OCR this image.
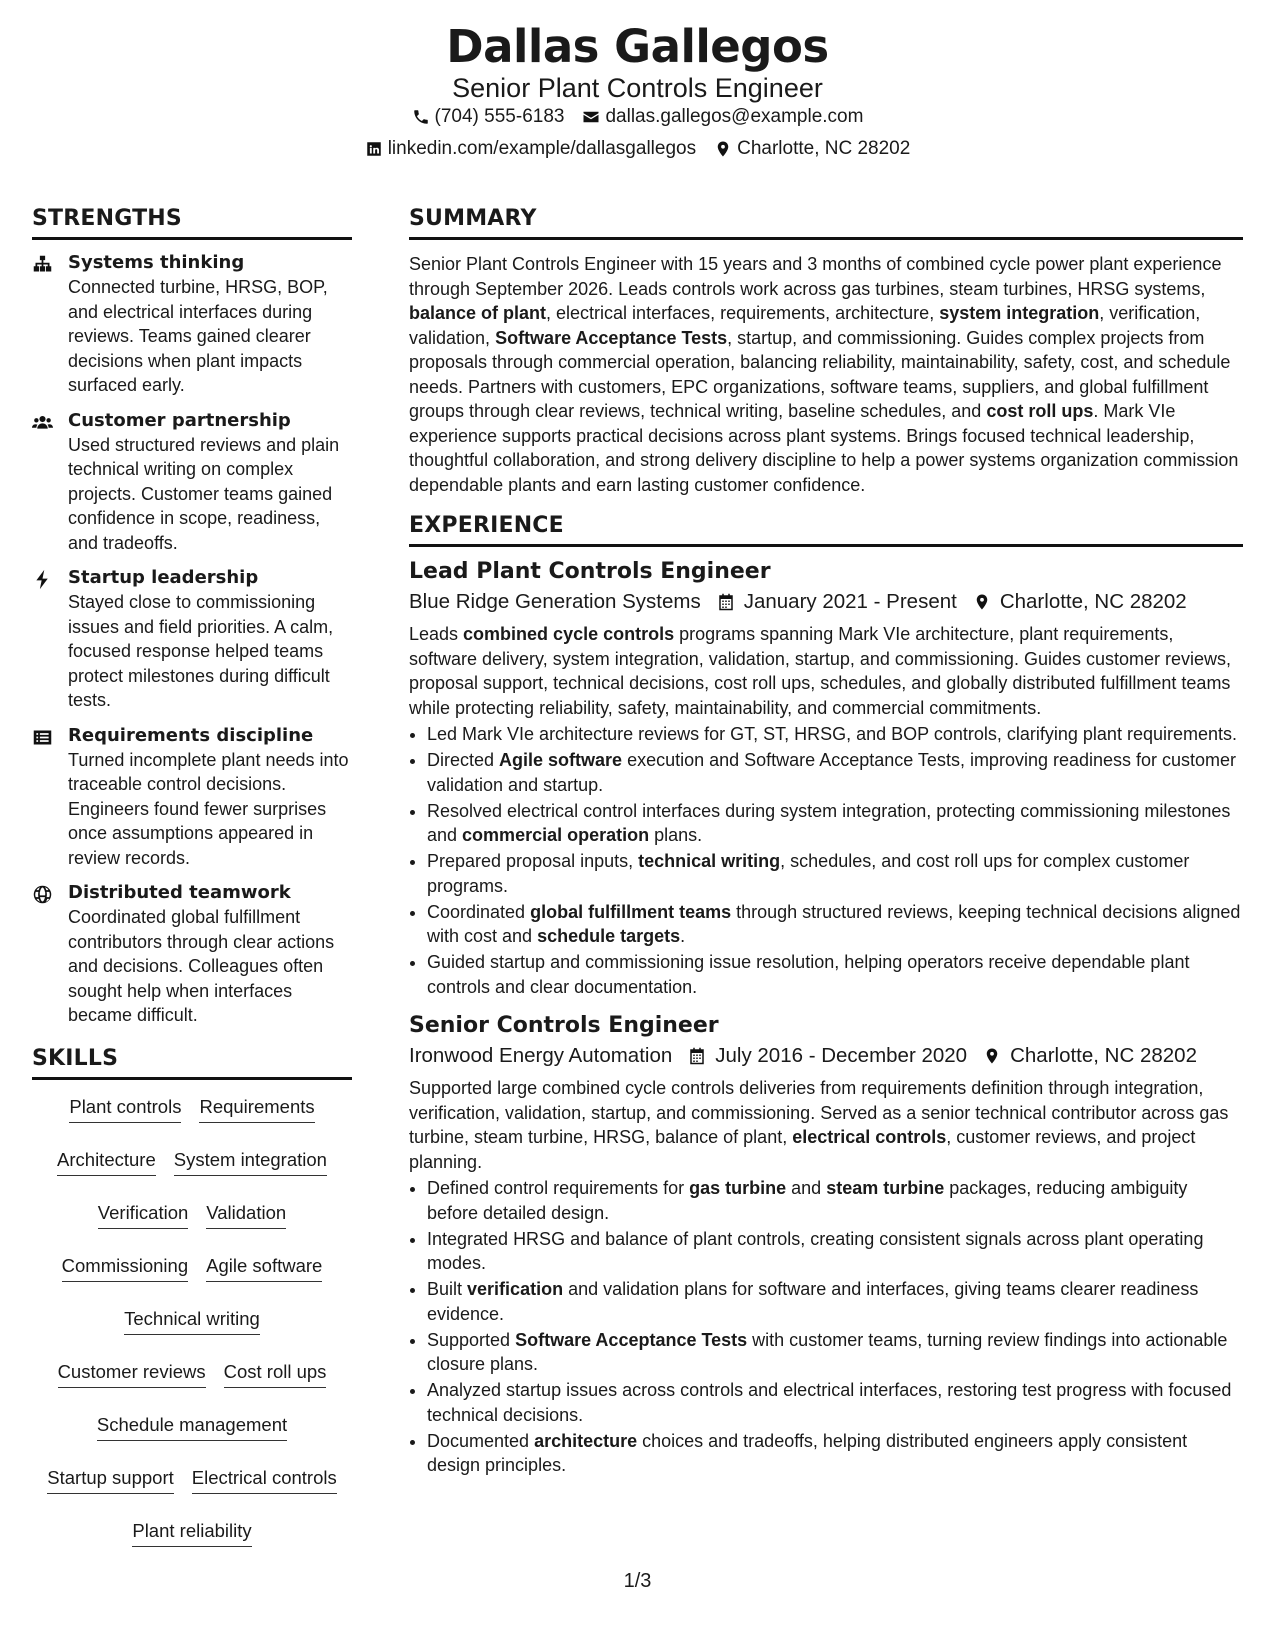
Dallas Gallegos
Senior Plant Controls Engineer
(704) 555-6183 dallas.gallegos@example.com
linkedin.com/example/dallasgallegos Charlotte, NC 28202
STRENGTHS
Systems thinking
Connected turbine, HRSG, BOP, and electrical interfaces during reviews. Teams gained clearer decisions when plant impacts surfaced early.
Customer partnership
Used structured reviews and plain technical writing on complex projects. Customer teams gained confidence in scope, readiness, and tradeoffs.
Startup leadership
Stayed close to commissioning issues and field priorities. A calm, focused response helped teams protect milestones during difficult tests.
Requirements discipline
Turned incomplete plant needs into traceable control decisions. Engineers found fewer surprises once assumptions appeared in review records.
Distributed teamwork
Coordinated global fulfillment contributors through clear actions and decisions. Colleagues often sought help when interfaces became difficult.
SKILLS
Plant controls Requirements
Architecture System integration
Verification Validation
Commissioning Agile software
Technical writing
Customer reviews Cost roll ups
Schedule management
Startup support Electrical controls
Plant reliability
SUMMARY
Senior Plant Controls Engineer with 15 years and 3 months of combined cycle power plant experience through September 2026. Leads controls work across gas turbines, steam turbines, HRSG systems, balance of plant, electrical interfaces, requirements, architecture, system integration, verification, validation, Software Acceptance Tests, startup, and commissioning. Guides complex projects from proposals through commercial operation, balancing reliability, maintainability, safety, cost, and schedule needs. Partners with customers, EPC organizations, software teams, suppliers, and global fulfillment groups through clear reviews, technical writing, baseline schedules, and cost roll ups. Mark VIe experience supports practical decisions across plant systems. Brings focused technical leadership, thoughtful collaboration, and strong delivery discipline to help a power systems organization commission dependable plants and earn lasting customer confidence.
EXPERIENCE
Lead Plant Controls Engineer
Blue Ridge Generation Systems January 2021 - Present Charlotte, NC 28202
Leads combined cycle controls programs spanning Mark VIe architecture, plant requirements, software delivery, system integration, validation, startup, and commissioning. Guides customer reviews, proposal support, technical decisions, cost roll ups, schedules, and globally distributed fulfillment teams while protecting reliability, safety, maintainability, and commercial commitments.
• Led Mark VIe architecture reviews for GT, ST, HRSG, and BOP controls, clarifying plant requirements.
• Directed Agile software execution and Software Acceptance Tests, improving readiness for customer validation and startup.
• Resolved electrical control interfaces during system integration, protecting commissioning milestones and commercial operation plans.
• Prepared proposal inputs, technical writing, schedules, and cost roll ups for complex customer programs.
• Coordinated global fulfillment teams through structured reviews, keeping technical decisions aligned with cost and schedule targets.
• Guided startup and commissioning issue resolution, helping operators receive dependable plant controls and clear documentation.
Senior Controls Engineer
Ironwood Energy Automation July 2016 - December 2020 Charlotte, NC 28202
Supported large combined cycle controls deliveries from requirements definition through integration, verification, validation, startup, and commissioning. Served as a senior technical contributor across gas turbine, steam turbine, HRSG, balance of plant, electrical controls, customer reviews, and project planning.
• Defined control requirements for gas turbine and steam turbine packages, reducing ambiguity before detailed design.
• Integrated HRSG and balance of plant controls, creating consistent signals across plant operating modes.
• Built verification and validation plans for software and interfaces, giving teams clearer readiness evidence.
• Supported Software Acceptance Tests with customer teams, turning review findings into actionable closure plans.
• Analyzed startup issues across controls and electrical interfaces, restoring test progress with focused technical decisions.
• Documented architecture choices and tradeoffs, helping distributed engineers apply consistent design principles.
1/3
